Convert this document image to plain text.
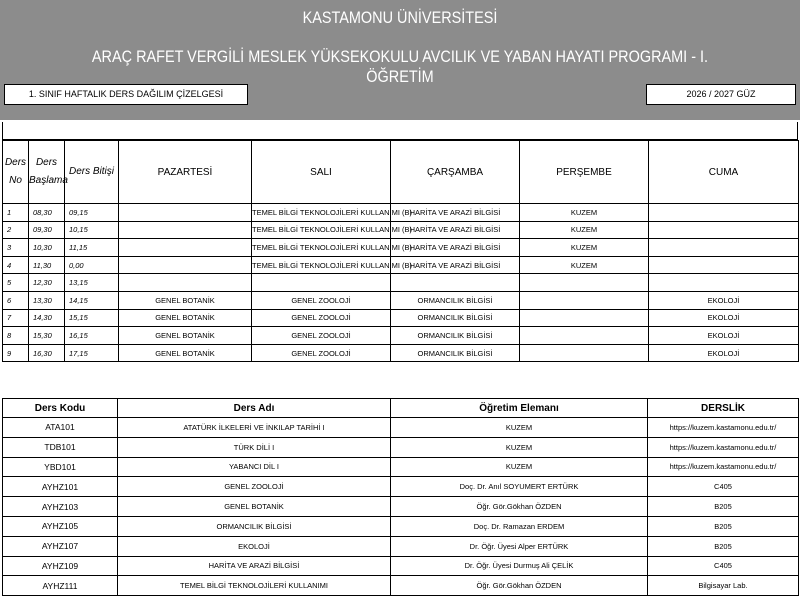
KASTAMONU ÜNİVERSİTESİ
ARAÇ RAFET VERGİLİ MESLEK YÜKSEKOKULU AVCILIK VE YABAN HAYATI PROGRAMI - I. ÖĞRETİM
1. SINIF HAFTALIK DERS DAĞILIM ÇİZELGESİ	2026 / 2027 GÜZ
Ders No	Ders Başlama	Ders Bitişi	PAZARTESİ	SALI	ÇARŞAMBA	PERŞEMBE	CUMA
1	08,30	09,15		TEMEL BİLGİ TEKNOLOJİLERİ KULLANIMI (B)	HARİTA VE ARAZİ BİLGİSİ	KUZEM	
2	09,30	10,15		TEMEL BİLGİ TEKNOLOJİLERİ KULLANIMI (B)	HARİTA VE ARAZİ BİLGİSİ	KUZEM	
3	10,30	11,15		TEMEL BİLGİ TEKNOLOJİLERİ KULLANIMI (B)	HARİTA VE ARAZİ BİLGİSİ	KUZEM	
4	11,30	0,00		TEMEL BİLGİ TEKNOLOJİLERİ KULLANIMI (B)	HARİTA VE ARAZİ BİLGİSİ	KUZEM	
5	12,30	13,15					
6	13,30	14,15	GENEL BOTANİK	GENEL ZOOLOJİ	ORMANCILIK BİLGİSİ		EKOLOJİ
7	14,30	15,15	GENEL BOTANİK	GENEL ZOOLOJİ	ORMANCILIK BİLGİSİ		EKOLOJİ
8	15,30	16,15	GENEL BOTANİK	GENEL ZOOLOJİ	ORMANCILIK BİLGİSİ		EKOLOJİ
9	16,30	17,15	GENEL BOTANİK	GENEL ZOOLOJİ	ORMANCILIK BİLGİSİ		EKOLOJİ
Ders Kodu	Ders Adı	Öğretim Elemanı	DERSLİK
ATA101	ATATÜRK İLKELERİ VE İNKILAP TARİHİ I	KUZEM	https://kuzem.kastamonu.edu.tr/
TDB101	TÜRK DİLİ I	KUZEM	https://kuzem.kastamonu.edu.tr/
YBD101	YABANCI DİL I	KUZEM	https://kuzem.kastamonu.edu.tr/
AYHZ101	GENEL ZOOLOJİ	Doç. Dr. Anıl SOYUMERT ERTÜRK	C405
AYHZ103	GENEL BOTANİK	Öğr. Gör.Gökhan ÖZDEN	B205
AYHZ105	ORMANCILIK BİLGİSİ	Doç. Dr. Ramazan ERDEM	B205
AYHZ107	EKOLOJİ	Dr. Öğr. Üyesi Alper ERTÜRK	B205
AYHZ109	HARİTA VE ARAZİ BİLGİSİ	Dr. Öğr. Üyesi Durmuş Ali ÇELİK	C405
AYHZ111	TEMEL BİLGİ TEKNOLOJİLERİ KULLANIMI	Öğr. Gör.Gökhan ÖZDEN	Bilgisayar Lab.
